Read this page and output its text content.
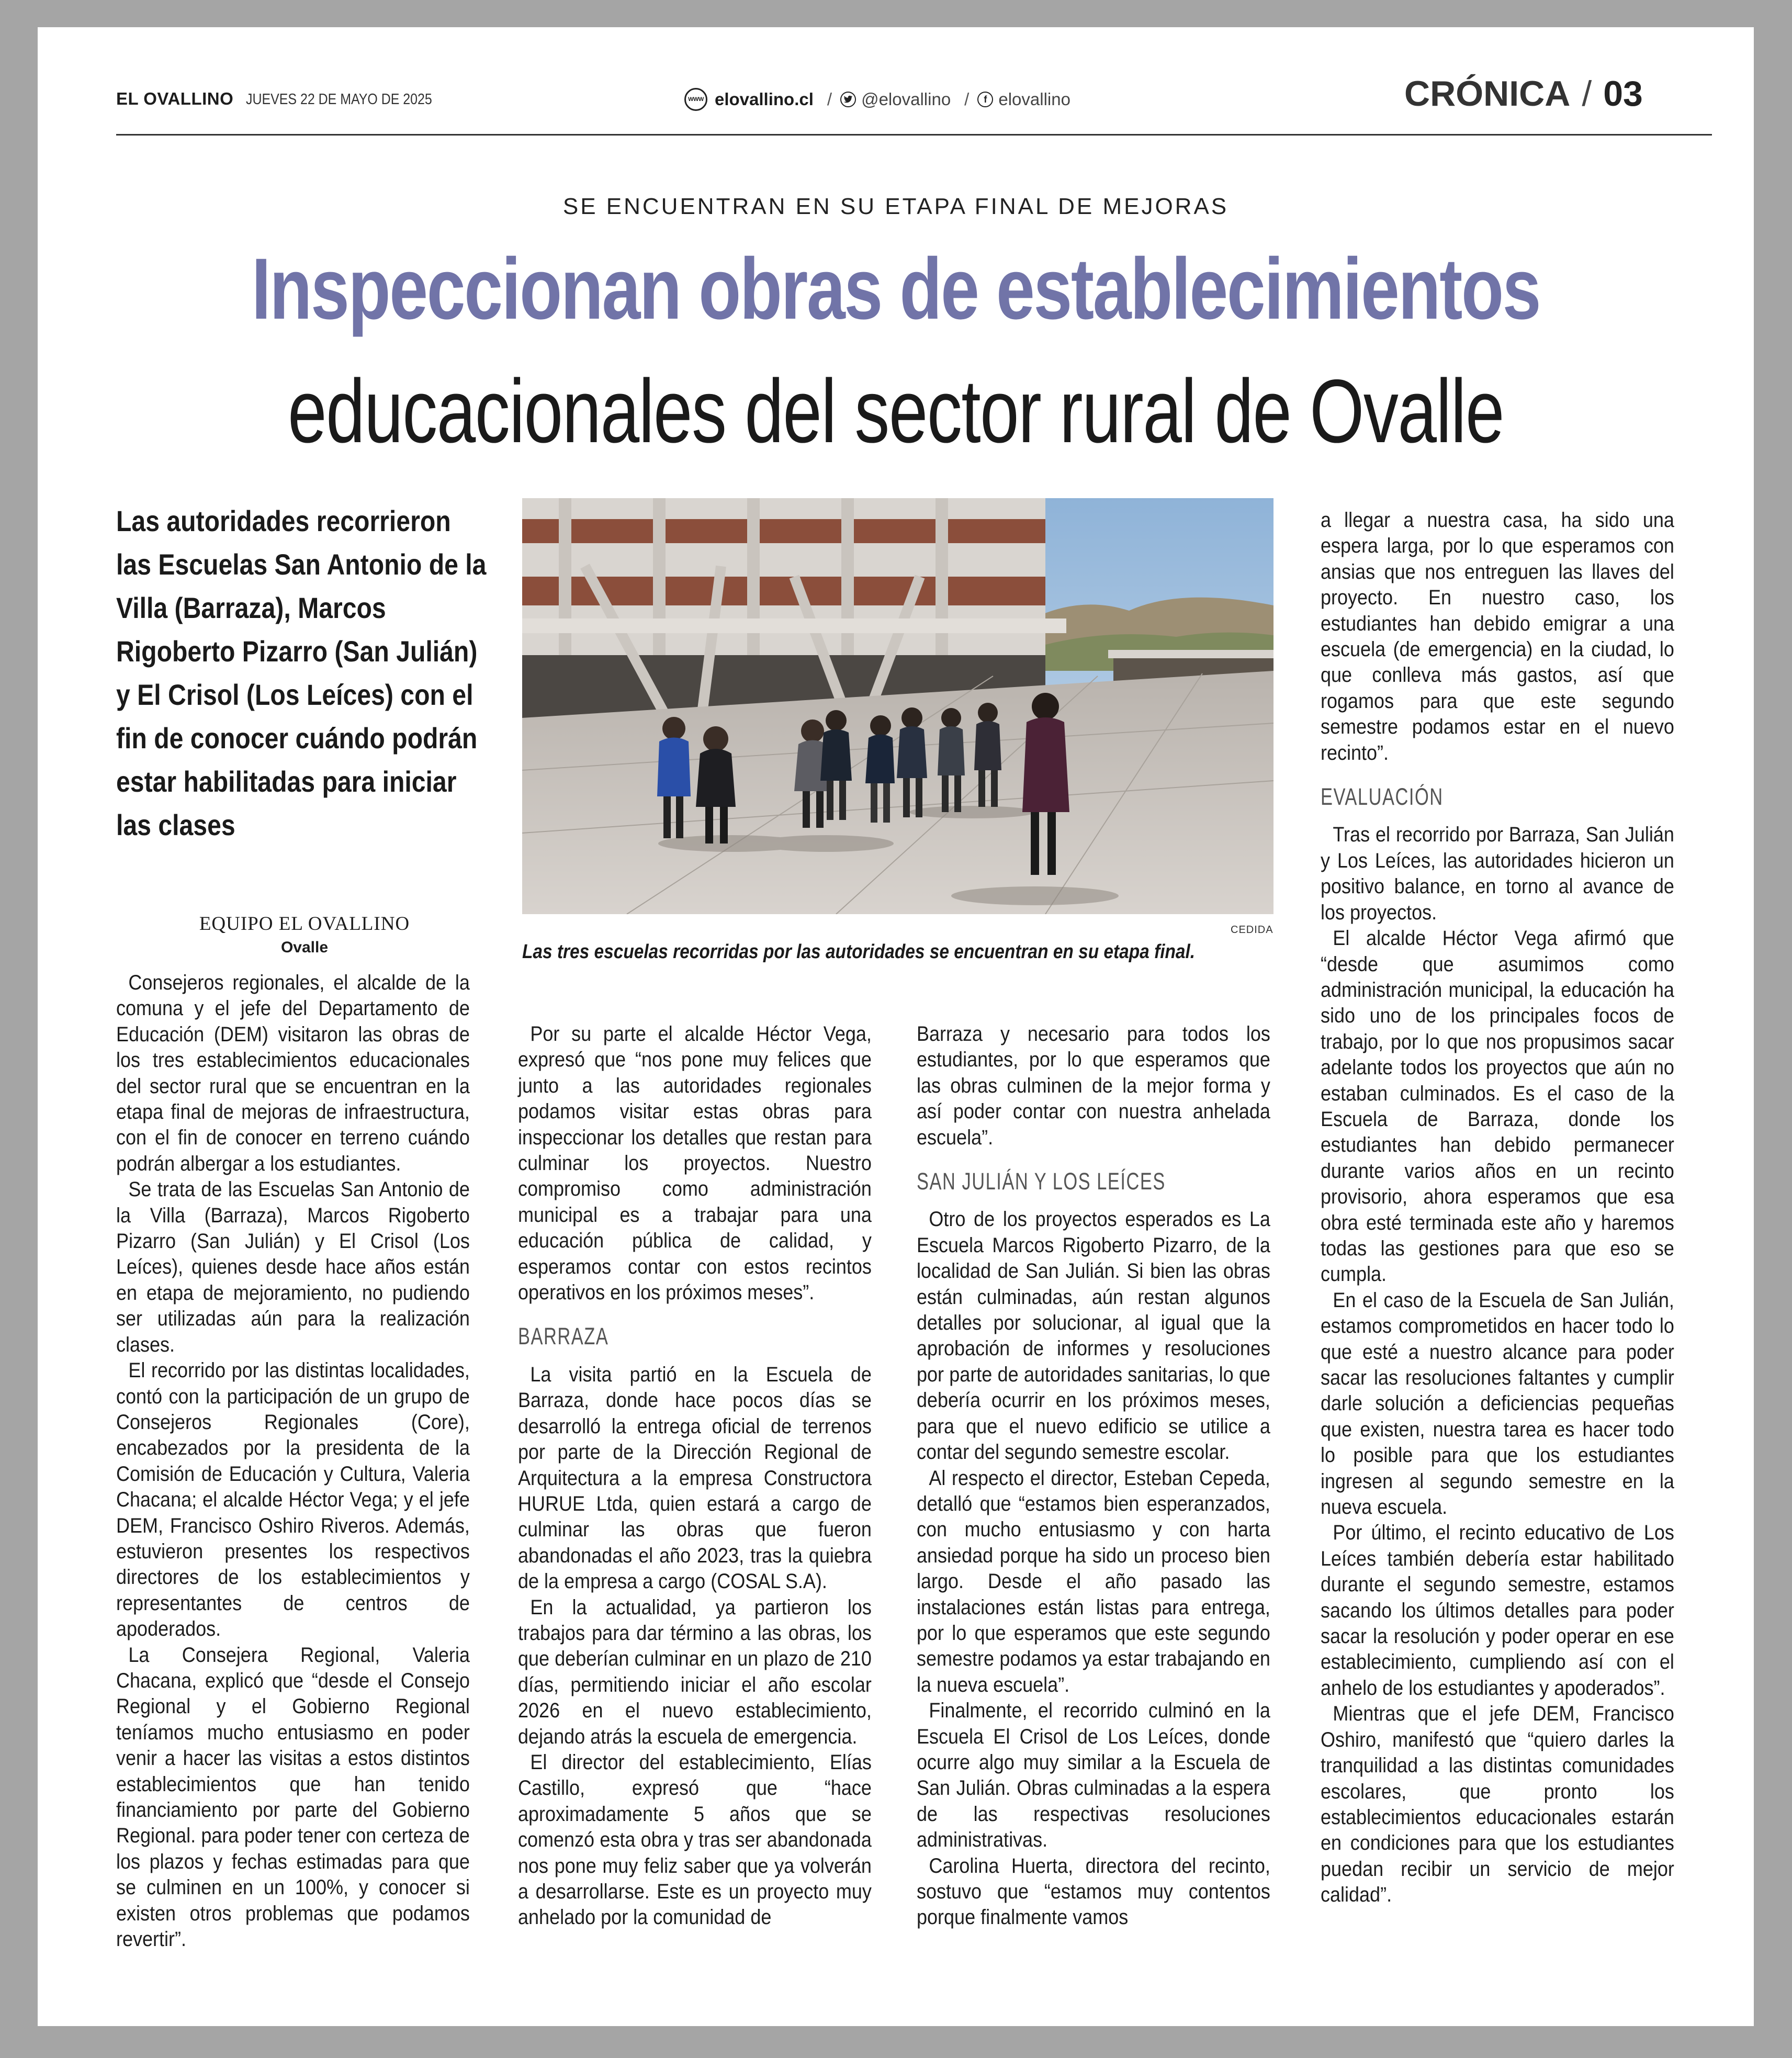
EL OVALLINO JUEVES 22 DE MAYO DE 2025	WWW elovallino.cl / @elovallino /	f elovallino	CRÓNICA / 03
SE ENCUENTRAN EN SU ETAPA FINAL DE MEJORAS
Inspeccionan obras de establecimientos
educacionales del sector rural de Ovalle
Las autoridades recorrieron las Escuelas San Antonio de la Villa (Barraza), Marcos Rigoberto Pizarro (San Julián) y El Crisol (Los Leíces) con el fin de conocer cuándo podrán estar habilitadas para iniciar las clases
EQUIPO EL OVALLINO
Ovalle
CEDIDA
Las tres escuelas recorridas por las autoridades se encuentran en su etapa final.

Consejeros regionales, el alcalde de la comuna y el jefe del Departamento de Educación (DEM) visitaron las obras de los tres establecimientos educacionales del sector rural que se encuentran en la etapa final de mejoras de infraestructura, con el fin de conocer en terreno cuándo podrán albergar a los estudiantes.

Se trata de las Escuelas San Antonio de la Villa (Barraza), Marcos Rigoberto Pizarro (San Julián) y El Crisol (Los Leíces), quienes desde hace años están en etapa de mejoramiento, no pudiendo ser utilizadas aún para la realización clases.

El recorrido por las distintas localidades, contó con la participación de un grupo de Consejeros Regionales (Core), encabezados por la presidenta de la Comisión de Educación y Cultura, Valeria Chacana; el alcalde Héctor Vega; y el jefe DEM, Francisco Oshiro Riveros. Además, estuvieron presentes los respectivos directores de los establecimientos y representantes de centros de apoderados.

La Consejera Regional, Valeria Chacana, explicó que “desde el Consejo Regional y el Gobierno Regional teníamos mucho entusiasmo en poder venir a hacer las visitas a estos distintos establecimientos que han tenido financiamiento por parte del Gobierno Regional. para poder tener con certeza de los plazos y fechas estimadas para que se culminen en un 100%, y conocer si existen otros problemas que podamos revertir”.

Por su parte el alcalde Héctor Vega, expresó que “nos pone muy felices que junto a las autoridades regionales podamos visitar estas obras para inspeccionar los detalles que restan para culminar los proyectos. Nuestro compromiso como administración municipal es a trabajar para una educación pública de calidad, y esperamos contar con estos recintos operativos en los próximos meses”.

BARRAZA

La visita partió en la Escuela de Barraza, donde hace pocos días se desarrolló la entrega oficial de terrenos por parte de la Dirección Regional de Arquitectura a la empresa Constructora HURUE Ltda, quien estará a cargo de culminar las obras que fueron abandonadas el año 2023, tras la quiebra de la empresa a cargo (COSAL S.A).

En la actualidad, ya partieron los trabajos para dar término a las obras, los que deberían culminar en un plazo de 210 días, permitiendo iniciar el año escolar 2026 en el nuevo establecimiento, dejando atrás la escuela de emergencia.

El director del establecimiento, Elías Castillo, expresó que “hace aproximadamente 5 años que se comenzó esta obra y tras ser abandonada nos pone muy feliz saber que ya volverán a desarrollarse. Este es un proyecto muy anhelado por la comunidad de

Barraza y necesario para todos los estudiantes, por lo que esperamos que las obras culminen de la mejor forma y así poder contar con nuestra anhelada escuela”.

SAN JULIÁN Y LOS LEÍCES

Otro de los proyectos esperados es La Escuela Marcos Rigoberto Pizarro, de la localidad de San Julián. Si bien las obras están culminadas, aún restan algunos detalles por solucionar, al igual que la aprobación de informes y resoluciones por parte de autoridades sanitarias, lo que debería ocurrir en los próximos meses, para que el nuevo edificio se utilice a contar del segundo semestre escolar.

Al respecto el director, Esteban Cepeda, detalló que “estamos bien esperanzados, con mucho entusiasmo y con harta ansiedad porque ha sido un proceso bien largo. Desde el año pasado las instalaciones están listas para entrega, por lo que esperamos que este segundo semestre podamos ya estar trabajando en la nueva escuela”.

Finalmente, el recorrido culminó en la Escuela El Crisol de Los Leíces, donde ocurre algo muy similar a la Escuela de San Julián. Obras culminadas a la espera de las respectivas resoluciones administrativas.

Carolina Huerta, directora del recinto, sostuvo que “estamos muy contentos porque finalmente vamos

a llegar a nuestra casa, ha sido una espera larga, por lo que esperamos con ansias que nos entreguen las llaves del proyecto. En nuestro caso, los estudiantes han debido emigrar a una escuela (de emergencia) en la ciudad, lo que conlleva más gastos, así que rogamos para que este segundo semestre podamos estar en el nuevo recinto”.

EVALUACIÓN

Tras el recorrido por Barraza, San Julián y Los Leíces, las autoridades hicieron un positivo balance, en torno al avance de los proyectos.

El alcalde Héctor Vega afirmó que “desde que asumimos como administración municipal, la educación ha sido uno de los principales focos de trabajo, por lo que nos propusimos sacar adelante todos los proyectos que aún no estaban culminados. Es el caso de la Escuela de Barraza, donde los estudiantes han debido permanecer durante varios años en un recinto provisorio, ahora esperamos que esa obra esté terminada este año y haremos todas las gestiones para que eso se cumpla.

En el caso de la Escuela de San Julián, estamos comprometidos en hacer todo lo que esté a nuestro alcance para poder sacar las resoluciones faltantes y cumplir darle solución a deficiencias pequeñas que existen, nuestra tarea es hacer todo lo posible para que los estudiantes ingresen al segundo semestre en la nueva escuela.

Por último, el recinto educativo de Los Leíces también debería estar habilitado durante el segundo semestre, estamos sacando los últimos detalles para poder sacar la resolución y poder operar en ese establecimiento, cumpliendo así con el anhelo de los estudiantes y apoderados”.

Mientras que el jefe DEM, Francisco Oshiro, manifestó que “quiero darles la tranquilidad a las distintas comunidades escolares, que pronto los establecimientos educacionales estarán en condiciones para que los estudiantes puedan recibir un servicio de mejor calidad”.
